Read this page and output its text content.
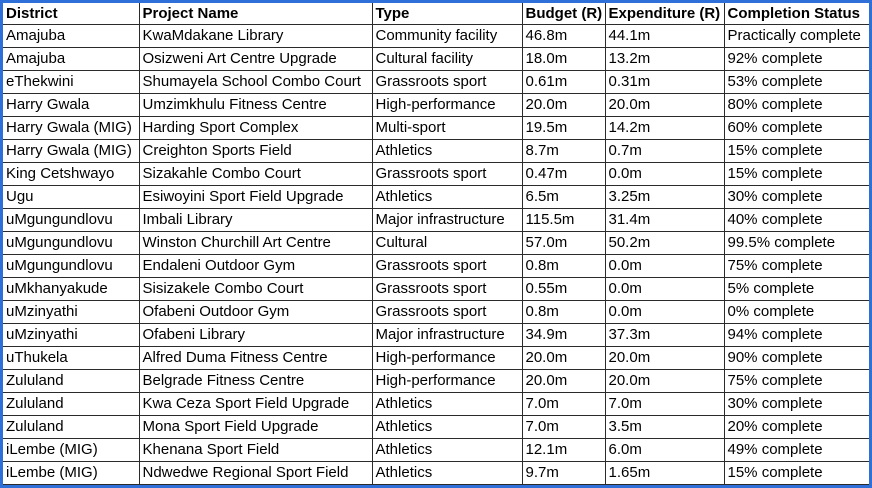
District	Project Name	Type	Budget (R)	Expenditure (R)	Completion Status
Amajuba	KwaMdakane Library	Community facility	46.8m	44.1m	Practically complete
Amajuba	Osizweni Art Centre Upgrade	Cultural facility	18.0m	13.2m	92% complete
eThekwini	Shumayela School Combo Court	Grassroots sport	0.61m	0.31m	53% complete
Harry Gwala	Umzimkhulu Fitness Centre	High-performance	20.0m	20.0m	80% complete
Harry Gwala (MIG)	Harding Sport Complex	Multi-sport	19.5m	14.2m	60% complete
Harry Gwala (MIG)	Creighton Sports Field	Athletics	8.7m	0.7m	15% complete
King Cetshwayo	Sizakahle Combo Court	Grassroots sport	0.47m	0.0m	15% complete
Ugu	Esiwoyini Sport Field Upgrade	Athletics	6.5m	3.25m	30% complete
uMgungundlovu	Imbali Library	Major infrastructure	115.5m	31.4m	40% complete
uMgungundlovu	Winston Churchill Art Centre	Cultural	57.0m	50.2m	99.5% complete
uMgungundlovu	Endaleni Outdoor Gym	Grassroots sport	0.8m	0.0m	75% complete
uMkhanyakude	Sisizakele Combo Court	Grassroots sport	0.55m	0.0m	5% complete
uMzinyathi	Ofabeni Outdoor Gym	Grassroots sport	0.8m	0.0m	0% complete
uMzinyathi	Ofabeni Library	Major infrastructure	34.9m	37.3m	94% complete
uThukela	Alfred Duma Fitness Centre	High-performance	20.0m	20.0m	90% complete
Zululand	Belgrade Fitness Centre	High-performance	20.0m	20.0m	75% complete
Zululand	Kwa Ceza Sport Field Upgrade	Athletics	7.0m	7.0m	30% complete
Zululand	Mona Sport Field Upgrade	Athletics	7.0m	3.5m	20% complete
iLembe (MIG)	Khenana Sport Field	Athletics	12.1m	6.0m	49% complete
iLembe (MIG)	Ndwedwe Regional Sport Field	Athletics	9.7m	1.65m	15% complete
